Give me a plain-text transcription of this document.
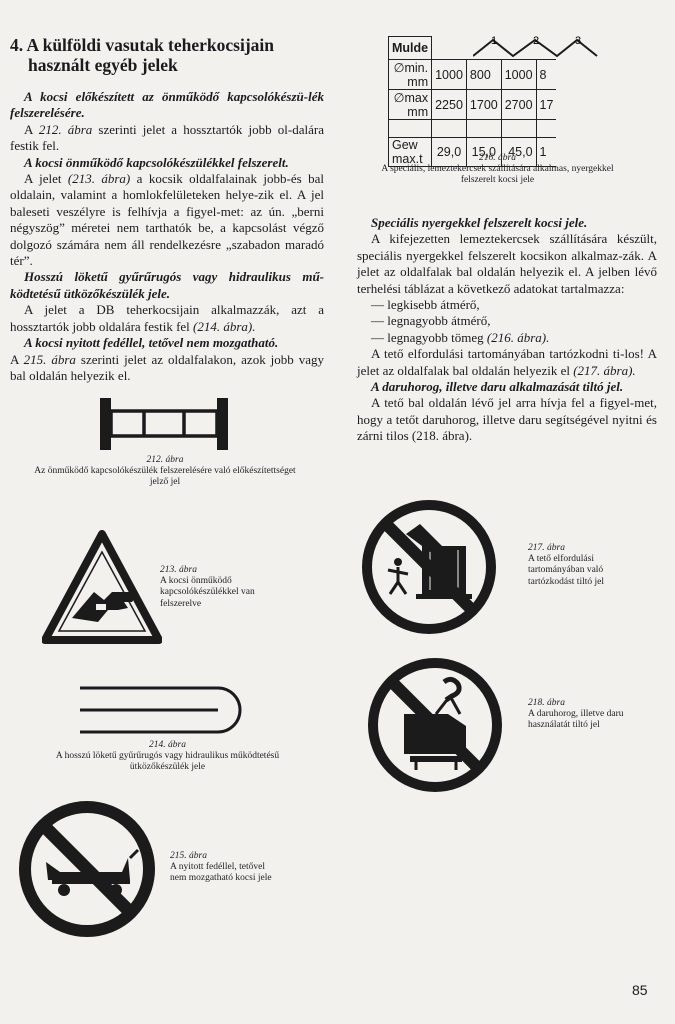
4. A külföldi vasutak teherkocsijain
használt egyéb jelek

A kocsi előkészített az önműködő kapcsolókészü-lék felszerelésére.

A 212. ábra szerinti jelet a hossztartók jobb ol-dalára festik fel.

A kocsi önműködő kapcsolókészülékkel felszerelt.

A jelet (213. ábra) a kocsik oldalfalainak jobb-és bal oldalain, valamint a homlokfelületeken helye-zik el. A jel baleseti veszélyre is felhívja a figyel-met: az ún. „berni négyszög” méretei nem tarthatók be, a kapcsolást végző dolgozó számára nem áll rendelkezésre „szabadon maradó tér”.

Hosszú löketű gyűrűrugós vagy hidraulikus mű-ködtetésű ütközőkészülék jele.

A jelet a DB teherkocsijain alkalmazzák, azt a hossztartók jobb oldalára festik fel (214. ábra).

A kocsi nyitott fedéllel, tetővel nem mozgatható.

A 215. ábra szerinti jelet az oldalfalakon, azok jobb vagy bal oldalán helyezik el.

212. ábra
Az önműködő kapcsolókészülék felszerelésére való előkészítettséget jelző jel
213. ábra
A kocsi önműködő kapcsolókészülékkel van felszerelve
214. ábra
A hosszú löketű gyűrűrugós vagy hidraulikus működtetésű ütközőkészülék jele
215. ábra
A nyitott fedéllel, tetővel nem mozgatható kocsi jele
1	2	3
Mulde				
∅min. mm	1000	800	1000	8
∅max mm	2250	1700	2700	17

Gew max.t	29,0	15,0	45,0	1
216. ábra
A speciális, lemeztekercsek szállítására alkalmas, nyergekkel felszerelt kocsi jele

Speciális nyergekkel felszerelt kocsi jele.

A kifejezetten lemeztekercsek szállítására készült, speciális nyergekkel felszerelt kocsikon alkalmaz-zák. A jelet az oldalfalak bal oldalán helyezik el. A jelben lévő terhelési táblázat a következő adatokat tartalmazza:

— legkisebb átmérő,
— legnagyobb átmérő,
— legnagyobb tömeg (216. ábra).

A tető elfordulási tartományában tartózkodni ti-los! A jelet az oldalfalak bal oldalán helyezik el (217. ábra).

A daruhorog, illetve daru alkalmazását tiltó jel.

A tető bal oldalán lévő jel arra hívja fel a figyel-met, hogy a tetőt daruhorog, illetve daru segítségével nyitni és zárni tilos (218. ábra).

217. ábra
A tető elfordulási tartományában való tartózkodást tiltó jel
218. ábra
A daruhorog, illetve daru használatát tiltó jel
85
